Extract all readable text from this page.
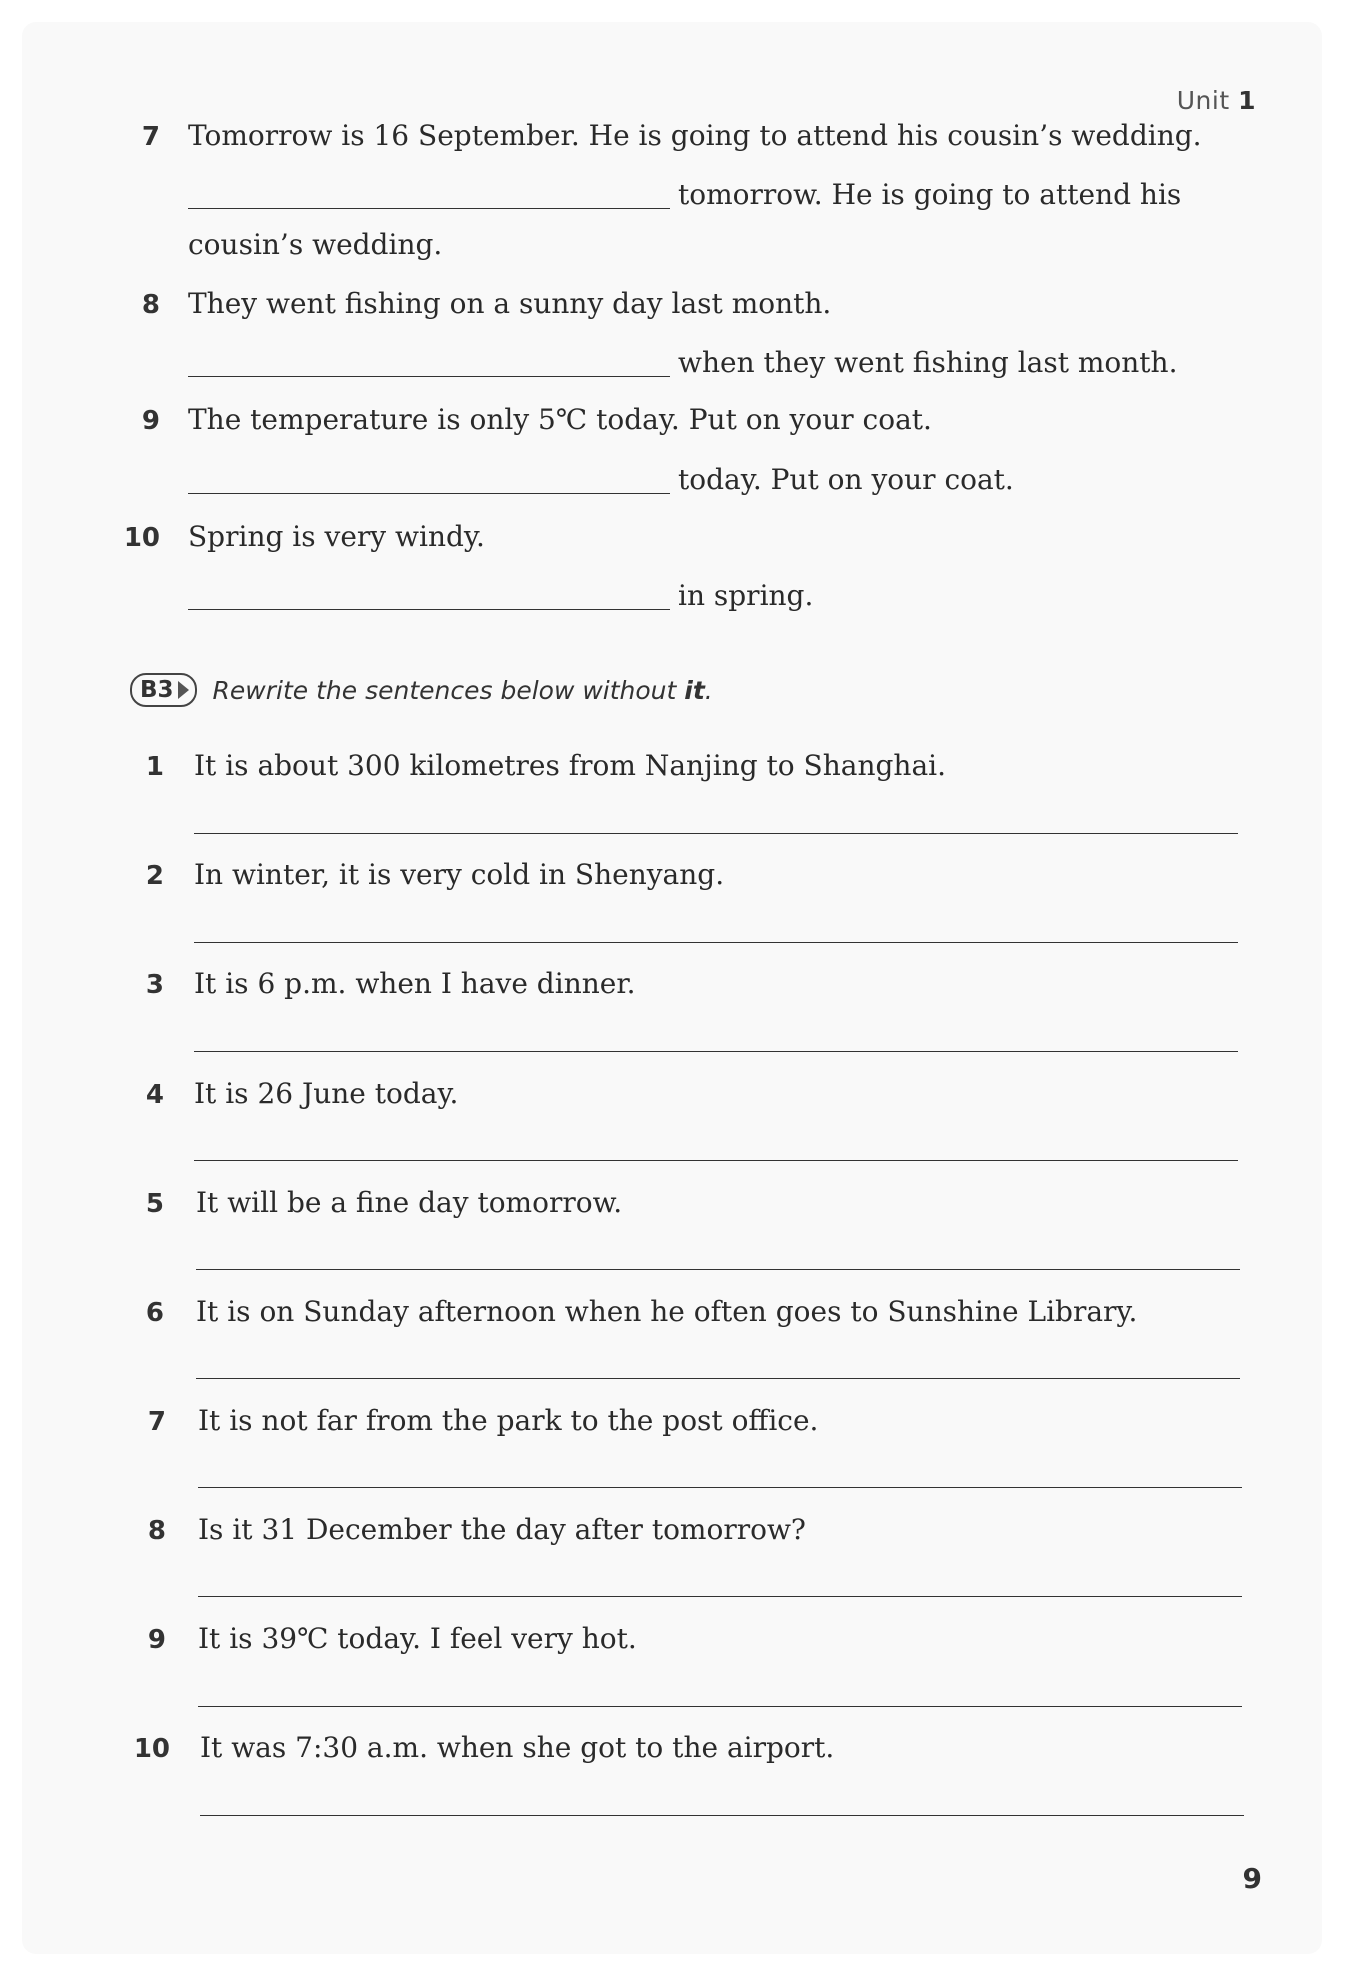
Unit 1
7 Tomorrow is 16 September. He is going to attend his cousin’s wedding.
tomorrow. He is going to attend his
cousin’s wedding.
8 They went fishing on a sunny day last month.
when they went fishing last month.
9 The temperature is only 5℃ today. Put on your coat.
today. Put on your coat.
10 Spring is very windy.
in spring.
B3 Rewrite the sentences below without it.
1 It is about 300 kilometres from Nanjing to Shanghai.
2 In winter, it is very cold in Shenyang.
3 It is 6 p.m. when I have dinner.
4 It is 26 June today.
5 It will be a fine day tomorrow.
6 It is on Sunday afternoon when he often goes to Sunshine Library.
7 It is not far from the park to the post office.
8 Is it 31 December the day after tomorrow?
9 It is 39℃ today. I feel very hot.
10 It was 7:30 a.m. when she got to the airport.
9
